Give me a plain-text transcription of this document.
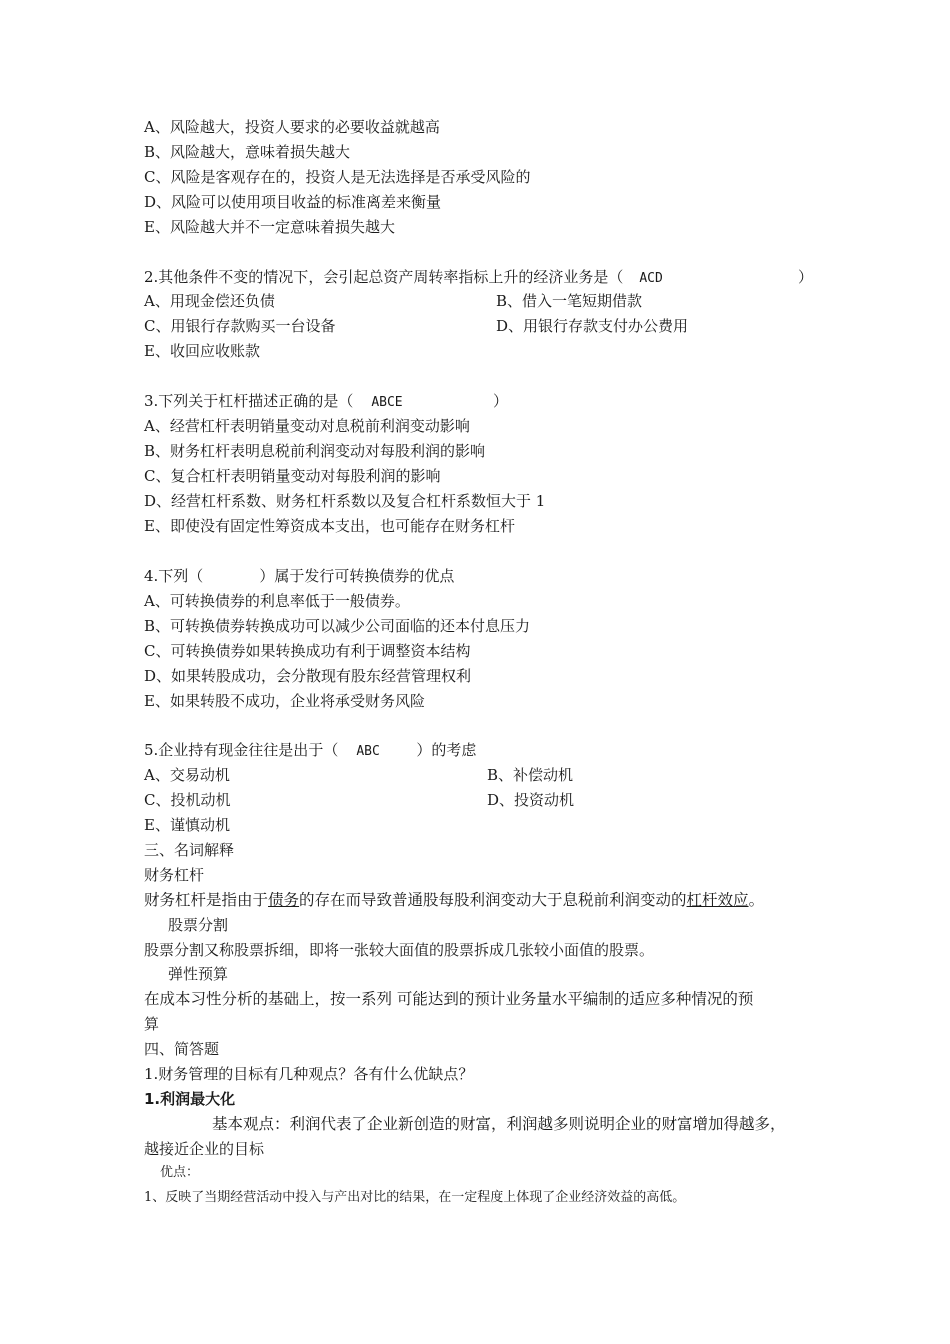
A、风险越大，投资人要求的必要收益就越高
B、风险越大，意味着损失越大
C、风险是客观存在的，投资人是无法选择是否承受风险的
D、风险可以使用项目收益的标准离差来衡量
E、风险越大并不一定意味着损失越大
2.其他条件不变的情况下，会引起总资产周转率指标上升的经济业务是（ ACD	）
A、用现金偿还负债	B、借入一笔短期借款
C、用银行存款购买一台设备	D、用银行存款支付办公费用
E、收回应收账款
3.下列关于杠杆描述正确的是（ ABCE	）
A、经营杠杆表明销量变动对息税前利润变动影响
B、财务杠杆表明息税前利润变动对每股利润的影响
C、复合杠杆表明销量变动对每股利润的影响
D、经营杠杆系数、财务杠杆系数以及复合杠杆系数恒大于 1
E、即使没有固定性筹资成本支出，也可能存在财务杠杆
4.下列（	）属于发行可转换债券的优点
A、可转换债券的利息率低于一般债券。
B、可转换债券转换成功可以减少公司面临的还本付息压力
C、可转换债券如果转换成功有利于调整资本结构
D、如果转股成功，会分散现有股东经营管理权利
E、如果转股不成功，企业将承受财务风险
5.企业持有现金往往是出于（ ABC ）的考虑
A、交易动机	B、补偿动机
C、投机动机	D、投资动机
E、谨慎动机
三、名词解释
财务杠杆
财务杠杆是指由于债务的存在而导致普通股每股利润变动大于息税前利润变动的杠杆效应。
股票分割
股票分割又称股票拆细，即将一张较大面值的股票拆成几张较小面值的股票。
弹性预算
在成本习性分析的基础上，按一系列 可能达到的预计业务量水平编制的适应多种情况的预
算
四、简答题
1.财务管理的目标有几种观点？各有什么优缺点？
1.利润最大化
基本观点：利润代表了企业新创造的财富，利润越多则说明企业的财富增加得越多，
越接近企业的目标
优点：
1、反映了当期经营活动中投入与产出对比的结果，在一定程度上体现了企业经济效益的高低。
